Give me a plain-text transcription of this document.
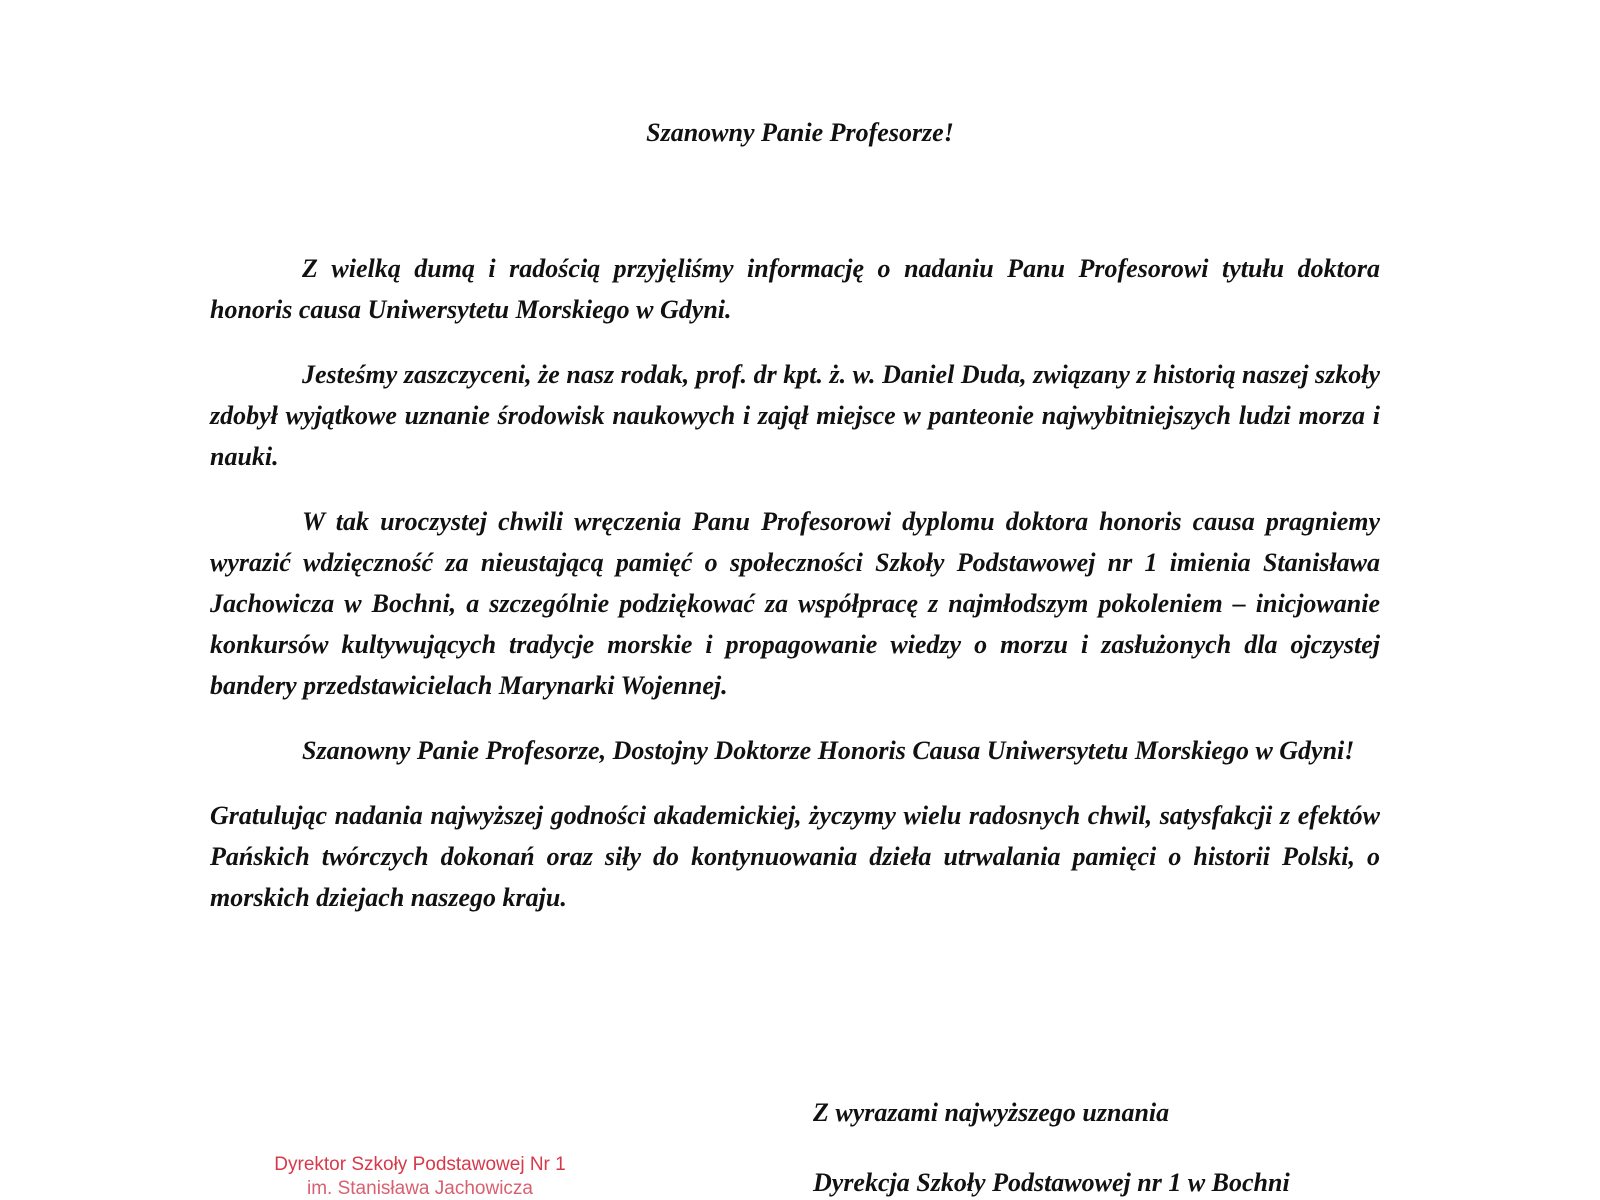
Szanowny Panie Profesorze!

Z wielką dumą i radością przyjęliśmy informację o nadaniu Panu Profesorowi tytułu doktora honoris causa Uniwersytetu Morskiego w Gdyni.

Jesteśmy zaszczyceni, że nasz rodak, prof. dr kpt. ż. w. Daniel Duda, związany z historią naszej szkoły zdobył wyjątkowe uznanie środowisk naukowych i zajął miejsce w panteonie najwybitniejszych ludzi morza i nauki.

W tak uroczystej chwili wręczenia Panu Profesorowi dyplomu doktora honoris causa pragniemy wyrazić wdzięczność za nieustającą pamięć o społeczności Szkoły Podstawowej nr 1 imienia Stanisława Jachowicza w Bochni, a szczególnie podziękować za współpracę z najmłodszym pokoleniem – inicjowanie konkursów kultywujących tradycje morskie i propagowanie wiedzy o morzu i zasłużonych dla ojczystej bandery przedstawicielach Marynarki Wojennej.

Szanowny Panie Profesorze, Dostojny Doktorze Honoris Causa Uniwersytetu Morskiego w Gdyni!

Gratulując nadania najwyższej godności akademickiej, życzymy wielu radosnych chwil, satysfakcji z efektów Pańskich twórczych dokonań oraz siły do kontynuowania dzieła utrwalania pamięci o historii Polski, o morskich dziejach naszego kraju.

Z wyrazami najwyższego uznania
Dyrektor Szkoły Podstawowej Nr 1
im. Stanisława Jachowicza	Dyrekcja Szkoły Podstawowej nr 1 w Bochni
